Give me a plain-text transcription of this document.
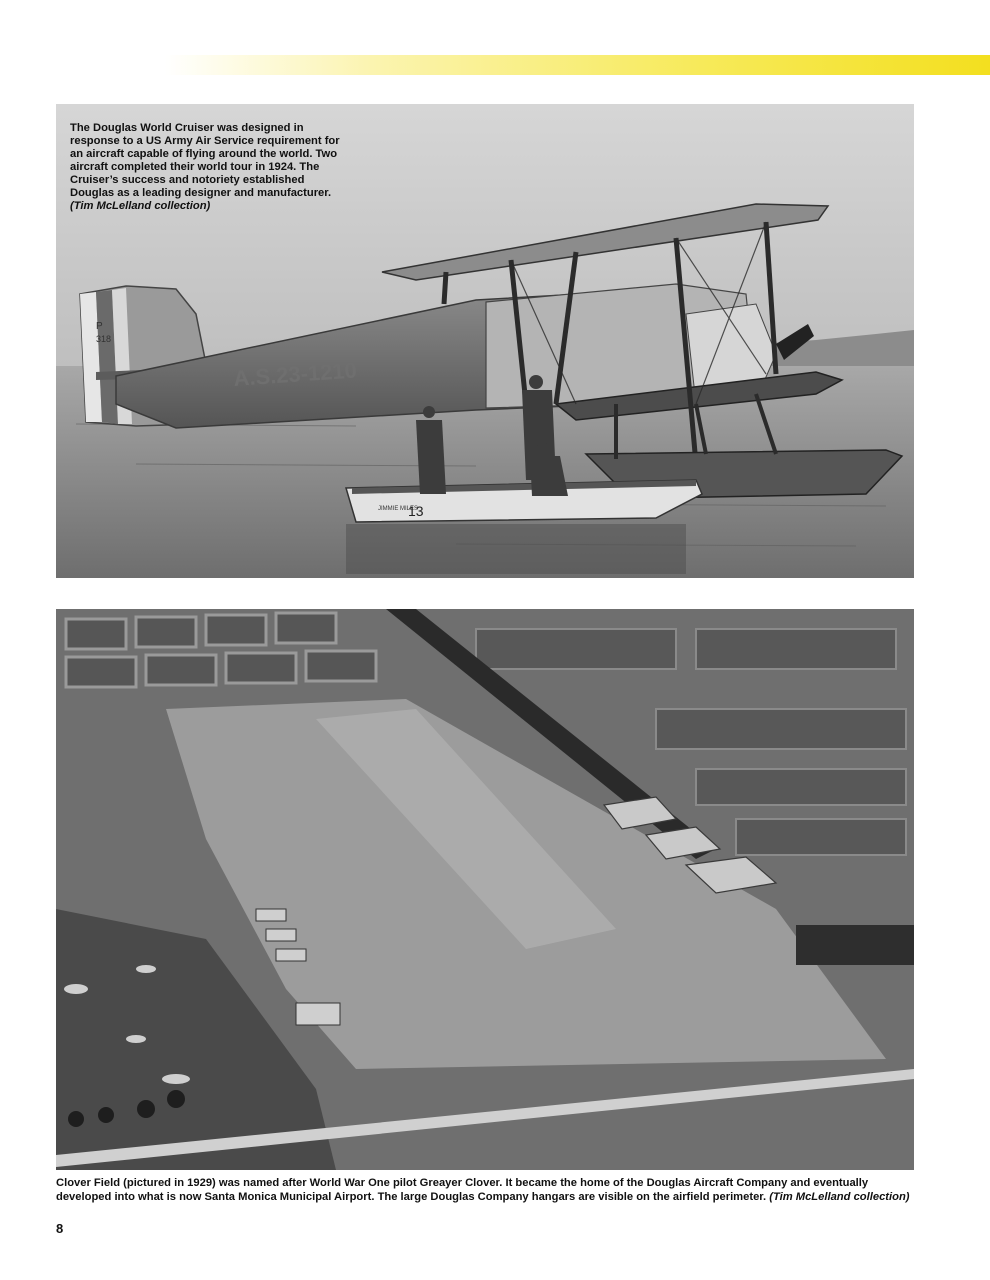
P
318
A.S.23-1210
JIMMIE MILES
13
The Douglas World Cruiser was designed in response to a US Army Air Service requirement for an aircraft capable of flying around the world. Two aircraft completed their world tour in 1924. The Cruiser’s success and notoriety established Douglas as a leading designer and manufacturer.
(Tim McLelland collection)
Clover Field (pictured in 1929) was named after World War One pilot Greayer Clover. It became the home of the Douglas Aircraft Company and eventually developed into what is now Santa Monica Municipal Airport. The large Douglas Company hangars are visible on the airfield perimeter. (Tim McLelland collection)
8
